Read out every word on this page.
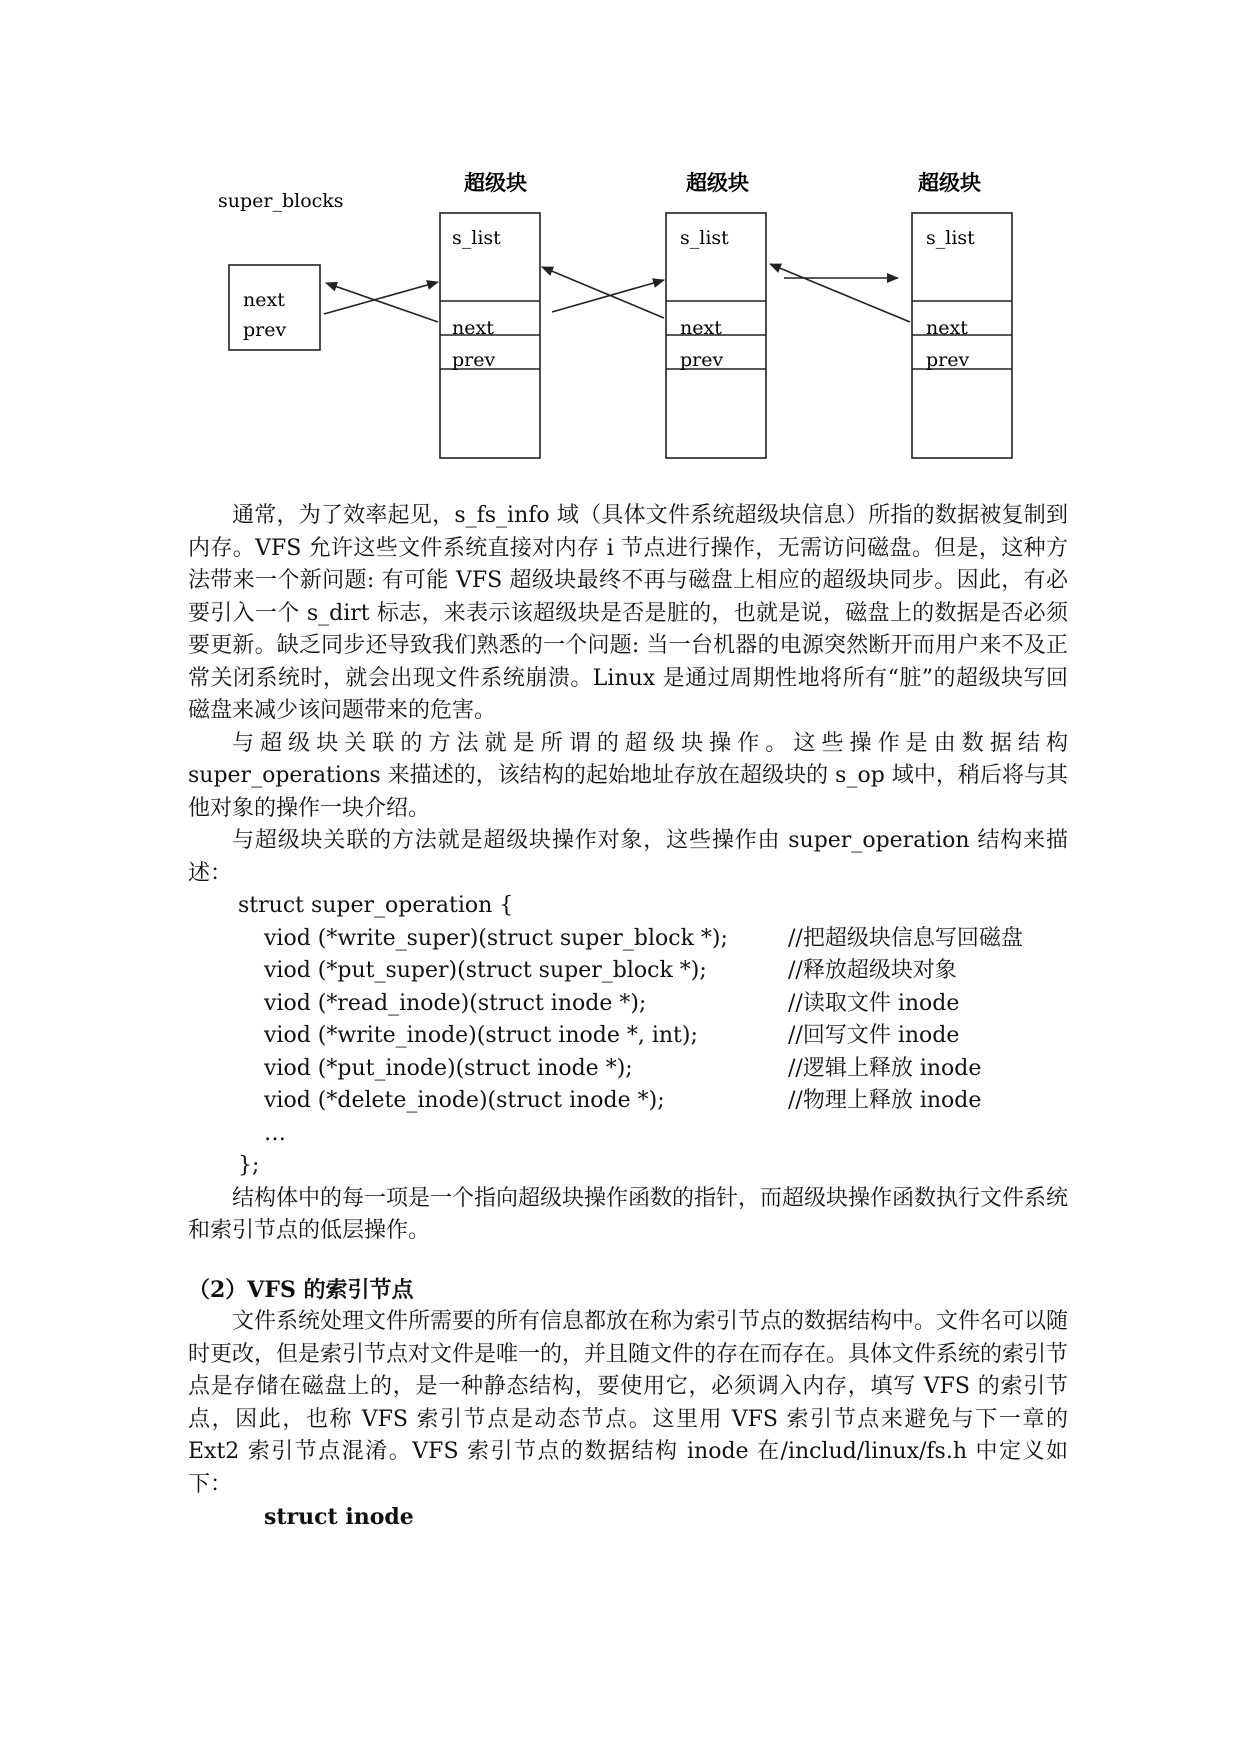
super_blocks
next
prev
超级块
s_list
next
prev
超级块
s_list
next
prev
超级块
s_list
next
prev

通常，为了效率起见，s_fs_info 域（具体文件系统超级块信息）所指的数据被复制到内存。VFS 允许这些文件系统直接对内存 i 节点进行操作，无需访问磁盘。但是，这种方法带来一个新问题: 有可能 VFS 超级块最终不再与磁盘上相应的超级块同步。因此，有必要引入一个 s_dirt 标志，来表示该超级块是否是脏的，也就是说，磁盘上的数据是否必须要更新。缺乏同步还导致我们熟悉的一个问题: 当一台机器的电源突然断开而用户来不及正常关闭系统时，就会出现文件系统崩溃。Linux 是通过周期性地将所有“脏”的超级块写回磁盘来减少该问题带来的危害。

与超级块关联的方法就是所谓的超级块操作。这些操作是由数据结构 super_operations 来描述的，该结构的起始地址存放在超级块的 s_op 域中，稍后将与其他对象的操作一块介绍。

与超级块关联的方法就是超级块操作对象，这些操作由 super_operation 结构来描述：

struct super_operation {

viod (*write_super)(struct super_block *);	//把超级块信息写回磁盘

viod (*put_super)(struct super_block *);	//释放超级块对象

viod (*read_inode)(struct inode *);	//读取文件 inode

viod (*write_inode)(struct inode *, int);	//回写文件 inode

viod (*put_inode)(struct inode *);	//逻辑上释放 inode

viod (*delete_inode)(struct inode *);	//物理上释放 inode

…

};

结构体中的每一项是一个指向超级块操作函数的指针，而超级块操作函数执行文件系统和索引节点的低层操作。

（2）VFS 的索引节点

文件系统处理文件所需要的所有信息都放在称为索引节点的数据结构中。文件名可以随时更改，但是索引节点对文件是唯一的，并且随文件的存在而存在。具体文件系统的索引节点是存储在磁盘上的，是一种静态结构，要使用它，必须调入内存，填写 VFS 的索引节点，因此，也称 VFS 索引节点是动态节点。这里用 VFS 索引节点来避免与下一章的 Ext2 索引节点混淆。VFS 索引节点的数据结构 inode 在/includ/linux/fs.h 中定义如下：

struct inode
